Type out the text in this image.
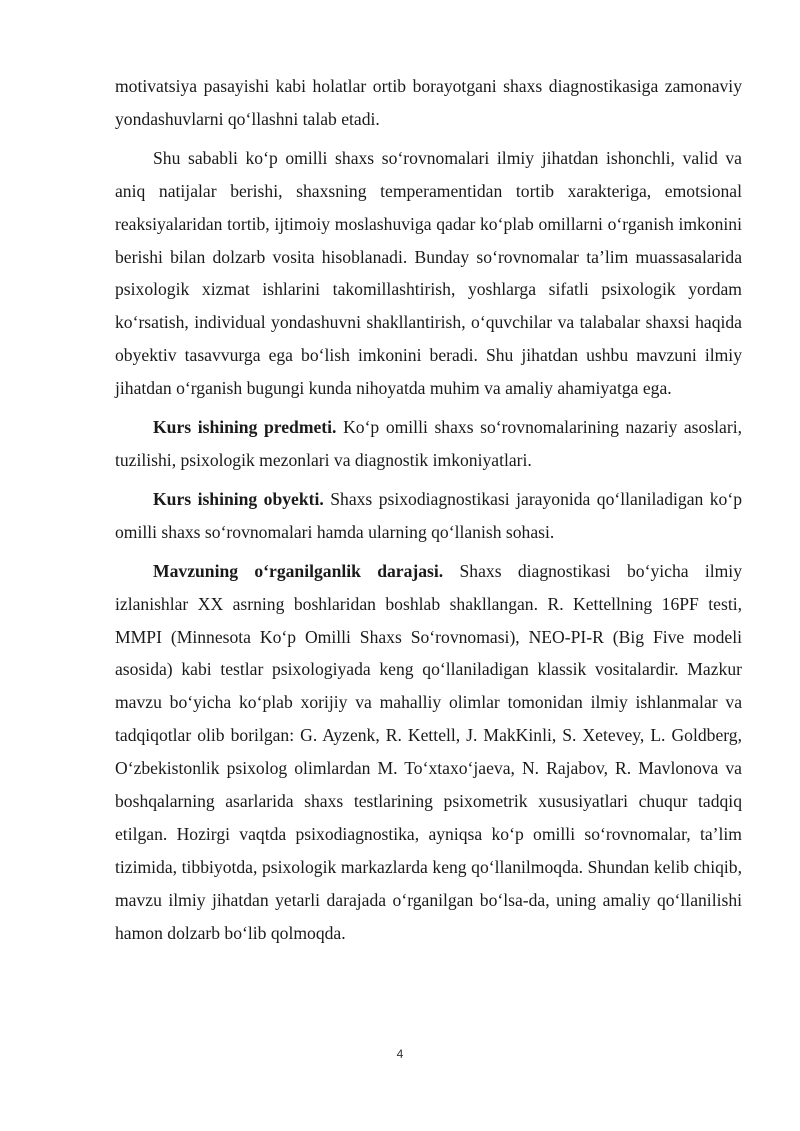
motivatsiya pasayishi kabi holatlar ortib borayotgani shaxs diagnostikasiga zamonaviy yondashuvlarni qo‘llashni talab etadi.

Shu sababli ko‘p omilli shaxs so‘rovnomalari ilmiy jihatdan ishonchli, valid va aniq natijalar berishi, shaxsning temperamentidan tortib xarakteriga, emotsional reaksiyalaridan tortib, ijtimoiy moslashuviga qadar ko‘plab omillarni o‘rganish imkonini berishi bilan dolzarb vosita hisoblanadi. Bunday so‘rovnomalar ta’lim muassasalarida psixologik xizmat ishlarini takomillashtirish, yoshlarga sifatli psixologik yordam ko‘rsatish, individual yondashuvni shakllantirish, o‘quvchilar va talabalar shaxsi haqida obyektiv tasavvurga ega bo‘lish imkonini beradi. Shu jihatdan ushbu mavzuni ilmiy jihatdan o‘rganish bugungi kunda nihoyatda muhim va amaliy ahamiyatga ega.

Kurs ishining predmeti. Ko‘p omilli shaxs so‘rovnomalarining nazariy asoslari, tuzilishi, psixologik mezonlari va diagnostik imkoniyatlari.

Kurs ishining obyekti. Shaxs psixodiagnostikasi jarayonida qo‘llaniladigan ko‘p omilli shaxs so‘rovnomalari hamda ularning qo‘llanish sohasi.

Mavzuning o‘rganilganlik darajasi. Shaxs diagnostikasi bo‘yicha ilmiy izlanishlar XX asrning boshlaridan boshlab shakllangan. R. Kettellning 16PF testi, MMPI (Minnesota Ko‘p Omilli Shaxs So‘rovnomasi), NEO-PI-R (Big Five modeli asosida) kabi testlar psixologiyada keng qo‘llaniladigan klassik vositalardir. Mazkur mavzu bo‘yicha ko‘plab xorijiy va mahalliy olimlar tomonidan ilmiy ishlanmalar va tadqiqotlar olib borilgan: G. Ayzenk, R. Kettell, J. MakKinli, S. Xetevey, L. Goldberg, O‘zbekistonlik psixolog olimlardan M. To‘xtaxo‘jaeva, N. Rajabov, R. Mavlonova va boshqalarning asarlarida shaxs testlarining psixometrik xususiyatlari chuqur tadqiq etilgan. Hozirgi vaqtda psixodiagnostika, ayniqsa ko‘p omilli so‘rovnomalar, ta’lim tizimida, tibbiyotda, psixologik markazlarda keng qo‘llanilmoqda. Shundan kelib chiqib, mavzu ilmiy jihatdan yetarli darajada o‘rganilgan bo‘lsa-da, uning amaliy qo‘llanilishi hamon dolzarb bo‘lib qolmoqda.

4
